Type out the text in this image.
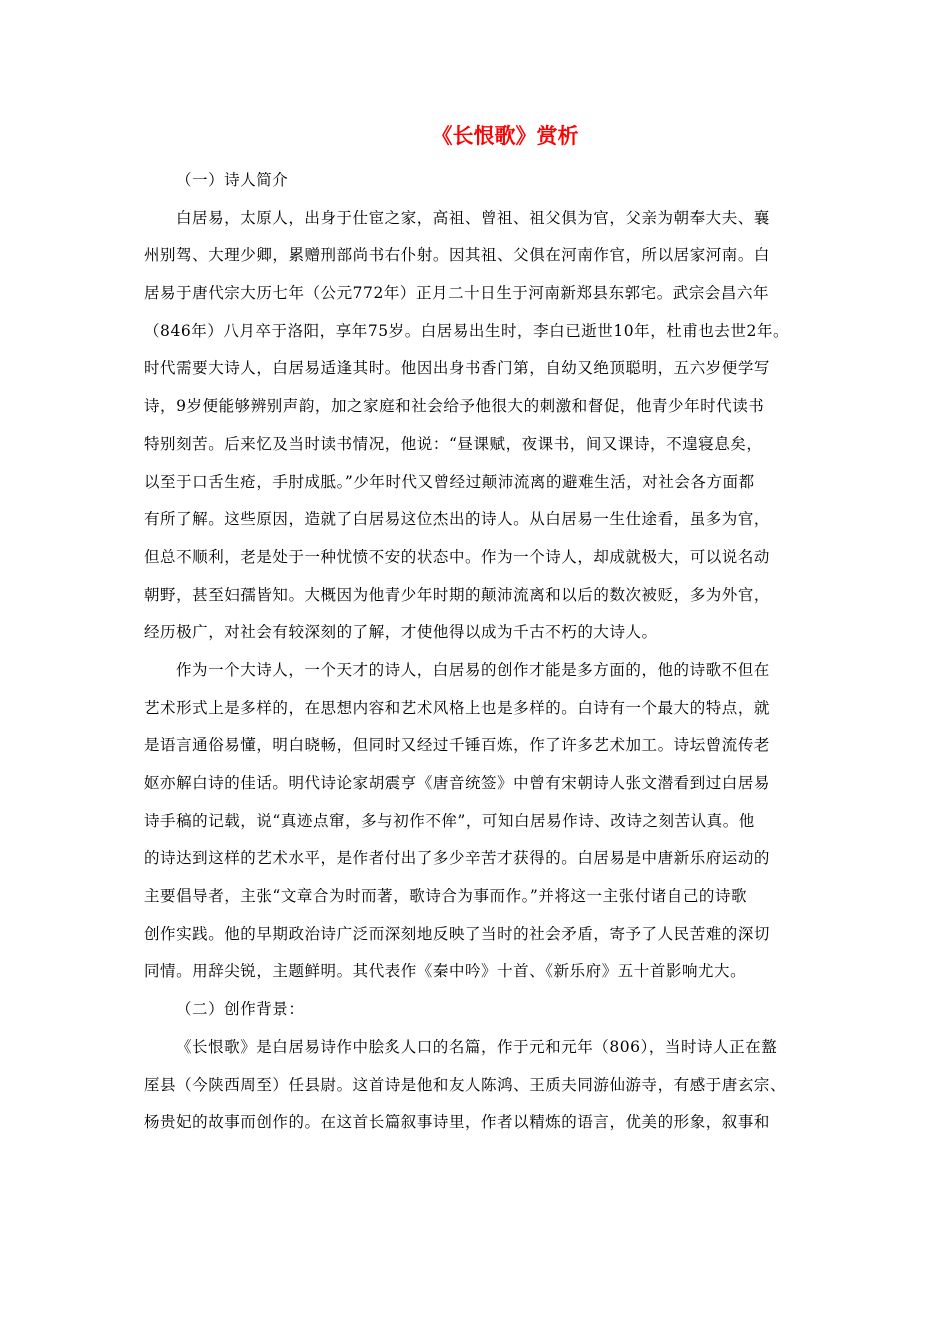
《长恨歌》赏析
（一）诗人简介
白居易，太原人，出身于仕宦之家，高祖、曾祖、祖父俱为官，父亲为朝奉大夫、襄
州别驾、大理少卿，累赠刑部尚书右仆射。因其祖、父俱在河南作官，所以居家河南。白
居易于唐代宗大历七年（公元772年）正月二十日生于河南新郑县东郭宅。武宗会昌六年
（846年）八月卒于洛阳，享年75岁。白居易出生时，李白已逝世10年，杜甫也去世2年。
时代需要大诗人，白居易适逢其时。他因出身书香门第，自幼又绝顶聪明，五六岁便学写
诗，9岁便能够辨别声韵，加之家庭和社会给予他很大的刺激和督促，他青少年时代读书
特别刻苦。后来忆及当时读书情况，他说：“昼课赋，夜课书，间又课诗，不遑寝息矣，
以至于口舌生疮，手肘成胝。”少年时代又曾经过颠沛流离的避难生活，对社会各方面都
有所了解。这些原因，造就了白居易这位杰出的诗人。从白居易一生仕途看，虽多为官，
但总不顺利，老是处于一种忧愤不安的状态中。作为一个诗人，却成就极大，可以说名动
朝野，甚至妇孺皆知。大概因为他青少年时期的颠沛流离和以后的数次被贬，多为外官，
经历极广，对社会有较深刻的了解，才使他得以成为千古不朽的大诗人。
作为一个大诗人，一个天才的诗人，白居易的创作才能是多方面的，他的诗歌不但在
艺术形式上是多样的，在思想内容和艺术风格上也是多样的。白诗有一个最大的特点，就
是语言通俗易懂，明白晓畅，但同时又经过千锤百炼，作了许多艺术加工。诗坛曾流传老
妪亦解白诗的佳话。明代诗论家胡震亨《唐音统签》中曾有宋朝诗人张文潜看到过白居易
诗手稿的记载，说“真迹点窜，多与初作不侔”，可知白居易作诗、改诗之刻苦认真。他
的诗达到这样的艺术水平，是作者付出了多少辛苦才获得的。白居易是中唐新乐府运动的
主要倡导者，主张“文章合为时而著，歌诗合为事而作。”并将这一主张付诸自己的诗歌
创作实践。他的早期政治诗广泛而深刻地反映了当时的社会矛盾，寄予了人民苦难的深切
同情。用辞尖锐，主题鲜明。其代表作《秦中吟》十首、《新乐府》五十首影响尤大。
（二）创作背景：
《长恨歌》是白居易诗作中脍炙人口的名篇，作于元和元年（806），当时诗人正在盩
厔县（今陕西周至）任县尉。这首诗是他和友人陈鸿、王质夫同游仙游寺，有感于唐玄宗、
杨贵妃的故事而创作的。在这首长篇叙事诗里，作者以精炼的语言，优美的形象，叙事和
